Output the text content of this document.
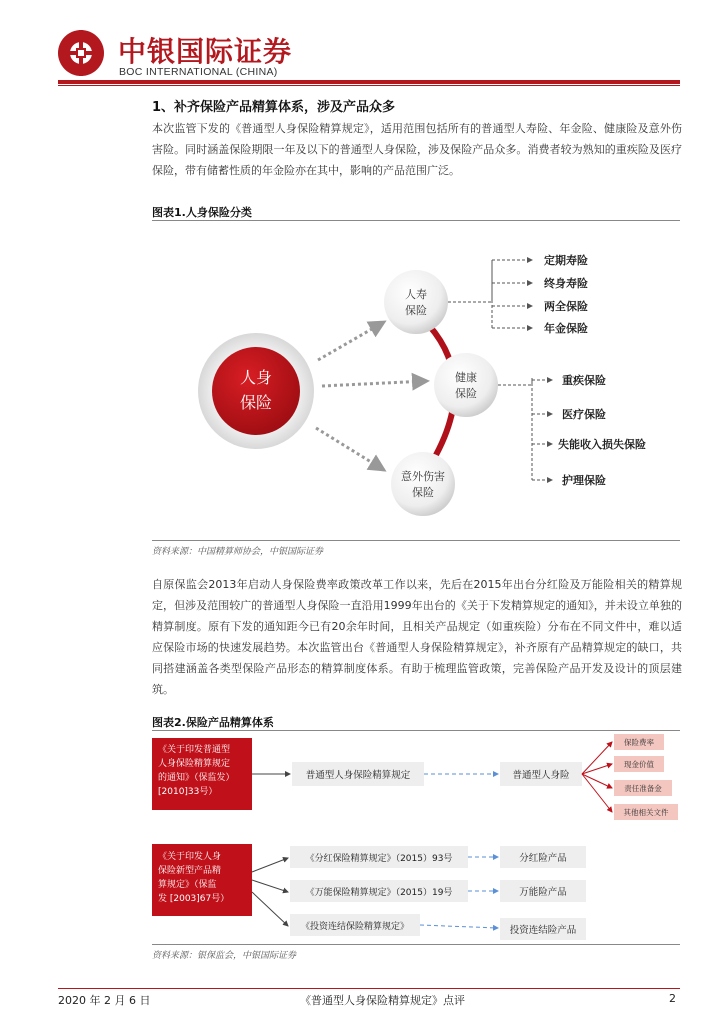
中银国际证券
BOC INTERNATIONAL (CHINA)
1、补齐保险产品精算体系，涉及产品众多
本次监管下发的《普通型人身保险精算规定》，适用范围包括所有的普通型人寿险、年金险、健康险及意外伤害险。同时涵盖保险期限一年及以下的普通型人身保险，涉及保险产品众多。消费者较为熟知的重疾险及医疗保险，带有储蓄性质的年金险亦在其中，影响的产品范围广泛。
图表1.人身保险分类
人身
保险
人寿
保险
健康
保险
意外伤害
保险
定期寿险
终身寿险
两全保险
年金保险
重疾保险
医疗保险
失能收入损失保险
护理保险
资料来源：中国精算师协会，中银国际证券
自原保监会2013年启动人身保险费率政策改革工作以来，先后在2015年出台分红险及万能险相关的精算规定，但涉及范围较广的普通型人身保险一直沿用1999年出台的《关于下发精算规定的通知》，并未设立单独的精算制度。原有下发的通知距今已有20余年时间，且相关产品规定（如重疾险）分布在不同文件中，难以适应保险市场的快速发展趋势。本次监管出台《普通型人身保险精算规定》，补齐原有产品精算规定的缺口，共同搭建涵盖各类型保险产品形态的精算制度体系。有助于梳理监管政策，完善保险产品开发及设计的顶层建筑。
图表2.保险产品精算体系
《关于印发普通型
人身保险精算规定
的通知》（保监发）
[2010]33号）
普通型人身保险精算规定	普通型人身险
保险费率
现金价值
责任准备金
其他相关文件
《关于印发人身
保险新型产品精
算规定》（保监
发 [2003]67号）
《分红保险精算规定》（2015）93号
《万能保险精算规定》（2015）19号
《投资连结保险精算规定》
分红险产品
万能险产品
投资连结险产品
资料来源：银保监会，中银国际证券
2020 年 2 月 6 日	《普通型人身保险精算规定》点评	2
